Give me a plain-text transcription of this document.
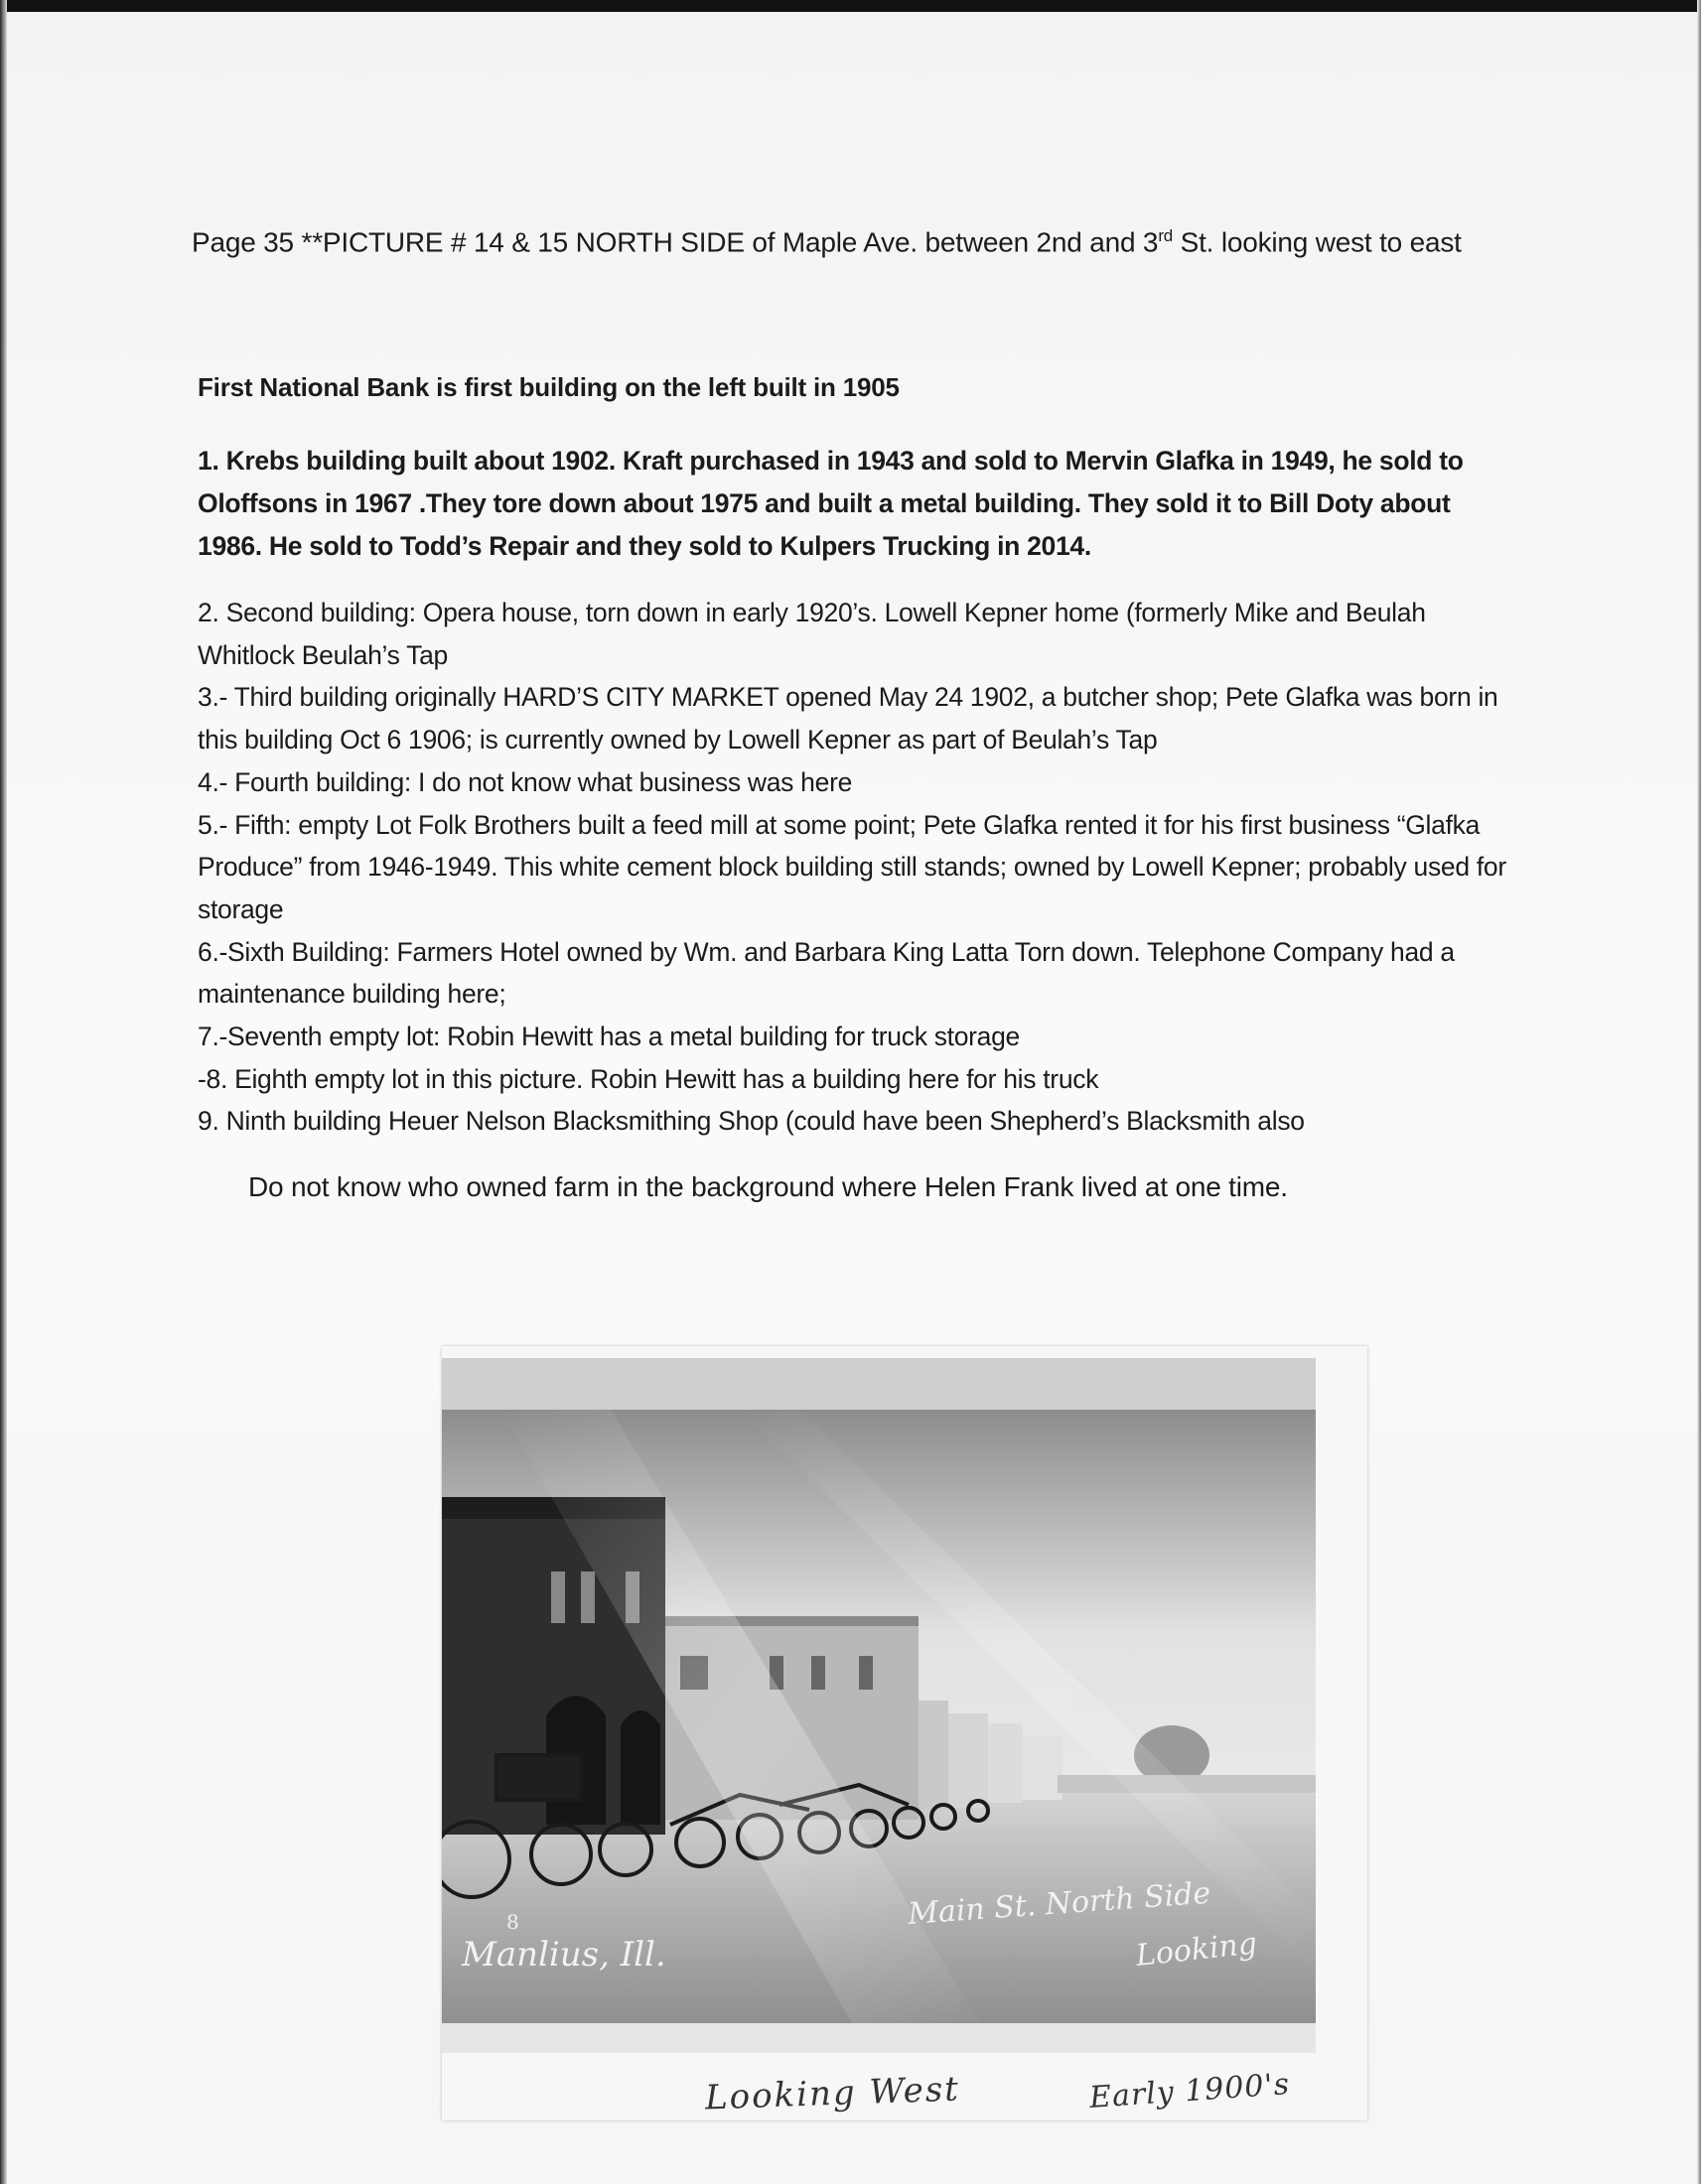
Page 35 **PICTURE # 14 & 15 NORTH SIDE of Maple Ave. between 2nd and 3rd St. looking west to east
First National Bank is first building on the left built in 1905
1. Krebs building built about 1902. Kraft purchased in 1943 and sold to Mervin Glafka in 1949, he sold to Oloffsons in 1967 .They tore down about 1975 and built a metal building. They sold it to Bill Doty about 1986. He sold to Todd’s Repair and they sold to Kulpers Trucking in 2014.
2. Second building: Opera house, torn down in early 1920’s. Lowell Kepner home (formerly Mike and Beulah Whitlock Beulah’s Tap
3.- Third building originally HARD’S CITY MARKET opened May 24 1902, a butcher shop; Pete Glafka was born in this building Oct 6 1906; is currently owned by Lowell Kepner as part of Beulah’s Tap
4.- Fourth building: I do not know what business was here
5.- Fifth: empty Lot Folk Brothers built a feed mill at some point; Pete Glafka rented it for his first business “Glafka Produce” from 1946-1949. This white cement block building still stands; owned by Lowell Kepner; probably used for storage
6.-Sixth Building: Farmers Hotel owned by Wm. and Barbara King Latta Torn down. Telephone Company had a maintenance building here;
7.-Seventh empty lot: Robin Hewitt has a metal building for truck storage
-8. Eighth empty lot in this picture. Robin Hewitt has a building here for his truck
9. Ninth building Heuer Nelson Blacksmithing Shop (could have been Shepherd’s Blacksmith also
Do not know who owned farm in the background where Helen Frank lived at one time.
8
Manlius, Ill.
Main St. North Side
Looking
Looking West	Early 1900's
